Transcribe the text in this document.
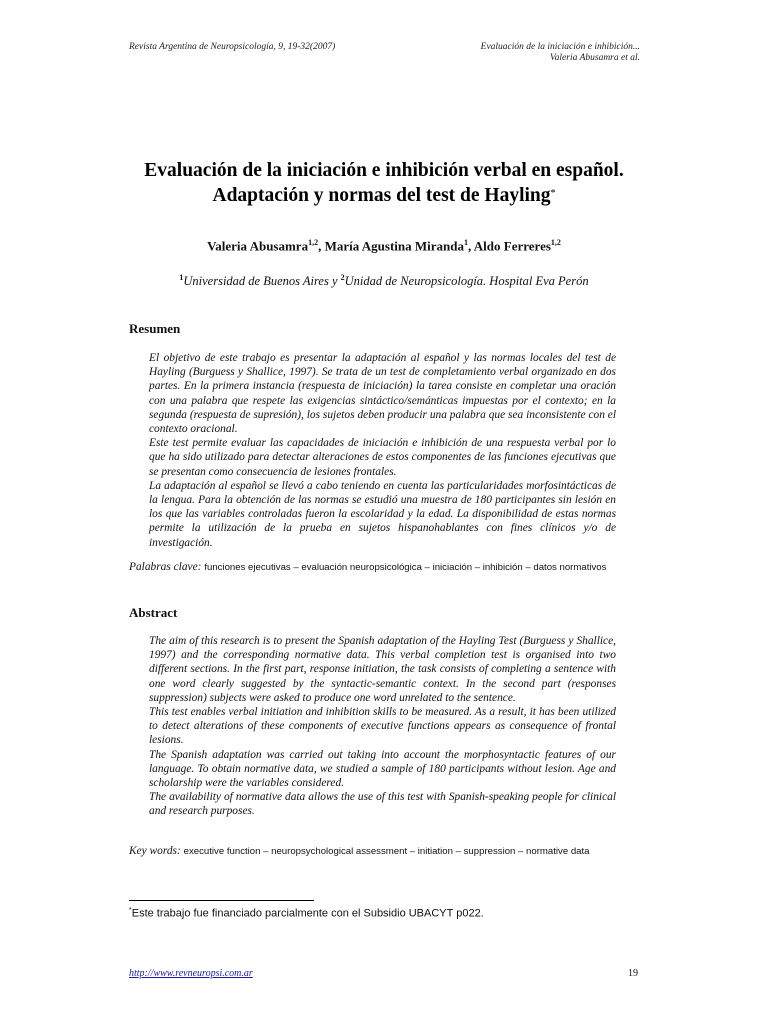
Revista Argentina de Neuropsicología, 9, 19-32(2007)	Evaluación de la iniciación e inhibición...
Valeria Abusamra et al.
Evaluación de la iniciación e inhibición verbal en español.
Adaptación y normas del test de Hayling*
Valeria Abusamra$^{1,2}$, María Agustina Miranda$^1$, Aldo Ferreres$^{1,2}$
$^1$Universidad de Buenos Aires y $^2$Unidad de Neuropsicología. Hospital Eva Perón
Resumen

El objetivo de este trabajo es presentar la adaptación al español y las normas locales del test de Hayling (Burguess y Shallice, 1997). Se trata de un test de completamiento verbal organizado en dos partes. En la primera instancia (respuesta de iniciación) la tarea consiste en completar una oración con una palabra que respete las exigencias sintáctico/semánticas impuestas por el contexto; en la segunda (respuesta de supresión), los sujetos deben producir una palabra que sea inconsistente con el contexto oracional.

Este test permite evaluar las capacidades de iniciación e inhibición de una respuesta verbal por lo que ha sido utilizado para detectar alteraciones de estos componentes de las funciones ejecutivas que se presentan como consecuencia de lesiones frontales.

La adaptación al español se llevó a cabo teniendo en cuenta las particularidades morfosintácticas de la lengua. Para la obtención de las normas se estudió una muestra de 180 participantes sin lesión en los que las variables controladas fueron la escolaridad y la edad. La disponibilidad de estas normas permite la utilización de la prueba en sujetos hispanohablantes con fines clínicos y/o de investigación.

Palabras clave: funciones ejecutivas – evaluación neuropsicológica – iniciación – inhibición – datos normativos
Abstract

The aim of this research is to present the Spanish adaptation of the Hayling Test (Burguess y Shallice, 1997) and the corresponding normative data. This verbal completion test is organised into two different sections. In the first part, response initiation, the task consists of completing a sentence with one word clearly suggested by the syntactic-semantic context. In the second part (responses suppression) subjects were asked to produce one word unrelated to the sentence.

This test enables verbal initiation and inhibition skills to be measured. As a result, it has been utilized to detect alterations of these components of executive functions appears as consequence of frontal lesions.

The Spanish adaptation was carried out taking into account the morphosyntactic features of our language. To obtain normative data, we studied a sample of 180 participants without lesion. Age and scholarship were the variables considered.

The availability of normative data allows the use of this test with Spanish-speaking people for clinical and research purposes.

Key words: executive function – neuropsychological assessment – initiation – suppression – normative data
*Este trabajo fue financiado parcialmente con el Subsidio UBACYT p022.
http://www.revneuropsi.com.ar	19
